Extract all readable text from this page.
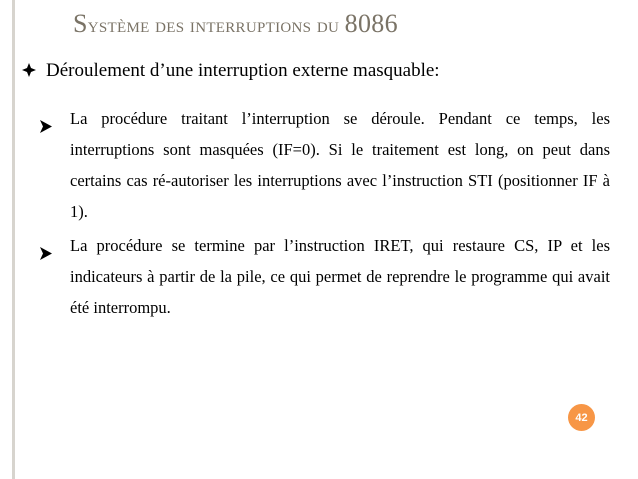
Système des interruptions du 8086
Déroulement d’une interruption externe masquable:
La procédure traitant l’interruption se déroule. Pendant ce temps, les interruptions sont masquées (IF=0). Si le traitement est long, on peut dans certains cas ré-autoriser les interruptions avec l’instruction STI (positionner IF à 1).
La procédure se termine par l’instruction IRET, qui restaure CS, IP et les indicateurs à partir de la pile, ce qui permet de reprendre le programme qui avait été interrompu.
42
